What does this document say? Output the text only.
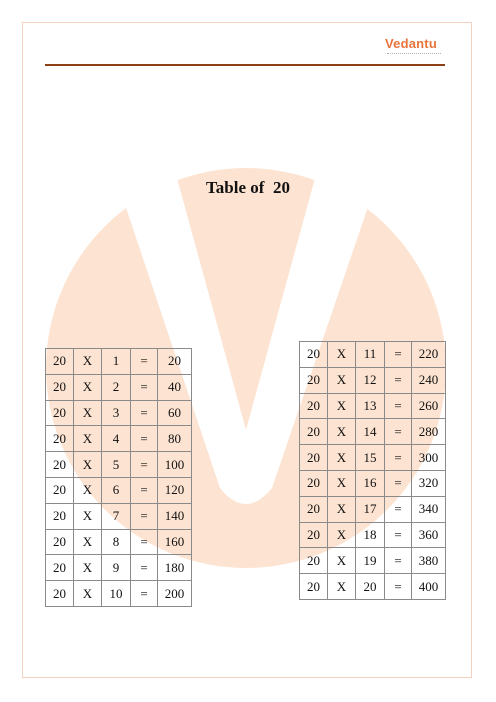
Vedantu
Table of  20
20	X	1	=	20
20	X	2	=	40
20	X	3	=	60
20	X	4	=	80
20	X	5	=	100
20	X	6	=	120
20	X	7	=	140
20	X	8	=	160
20	X	9	=	180
20	X	10	=	200
20	X	11	=	220
20	X	12	=	240
20	X	13	=	260
20	X	14	=	280
20	X	15	=	300
20	X	16	=	320
20	X	17	=	340
20	X	18	=	360
20	X	19	=	380
20	X	20	=	400
